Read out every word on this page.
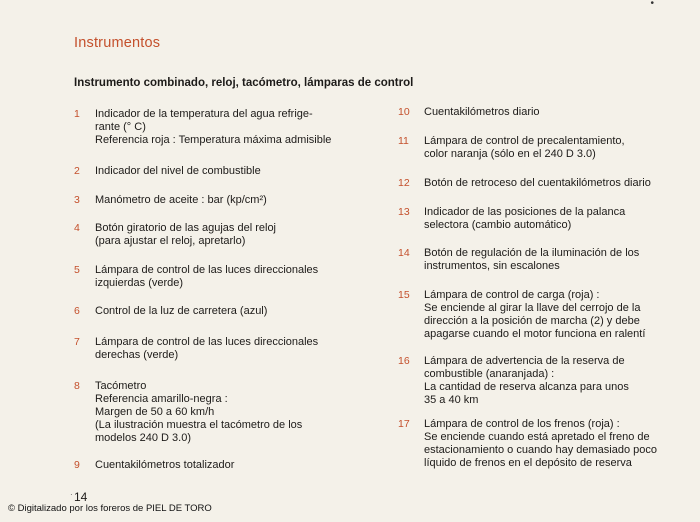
•
Instrumentos
Instrumento combinado, reloj, tacómetro, lámparas de control
1 Indicador de la temperatura del agua refrige-
rante (° C)
Referencia roja : Temperatura máxima admisible
2 Indicador del nivel de combustible
3 Manómetro de aceite : bar (kp/cm²)
4 Botón giratorio de las agujas del reloj
(para ajustar el reloj, apretarlo)
5 Lámpara de control de las luces direccionales
izquierdas (verde)
6 Control de la luz de carretera (azul)
7 Lámpara de control de las luces direccionales
derechas (verde)
8 Tacómetro
Referencia amarillo-negra :
Margen de 50 a 60 km/h
(La ilustración muestra el tacómetro de los
modelos 240 D 3.0)
9 Cuentakilómetros totalizador
10 Cuentakilómetros diario
11 Lámpara de control de precalentamiento,
color naranja (sólo en el 240 D 3.0)
12 Botón de retroceso del cuentakilómetros diario
13 Indicador de las posiciones de la palanca
selectora (cambio automático)
14 Botón de regulación de la iluminación de los
instrumentos, sin escalones
15 Lámpara de control de carga (roja) :
Se enciende al girar la llave del cerrojo de la
dirección a la posición de marcha (2) y debe
apagarse cuando el motor funciona en ralentí
16 Lámpara de advertencia de la reserva de
combustible (anaranjada) :
La cantidad de reserva alcanza para unos
35 a 40 km
17 Lámpara de control de los frenos (roja) :
Se enciende cuando está apretado el freno de
estacionamiento o cuando hay demasiado poco
líquido de frenos en el depósito de reserva
· 14
© Digitalizado por los foreros de PIEL DE TORO
